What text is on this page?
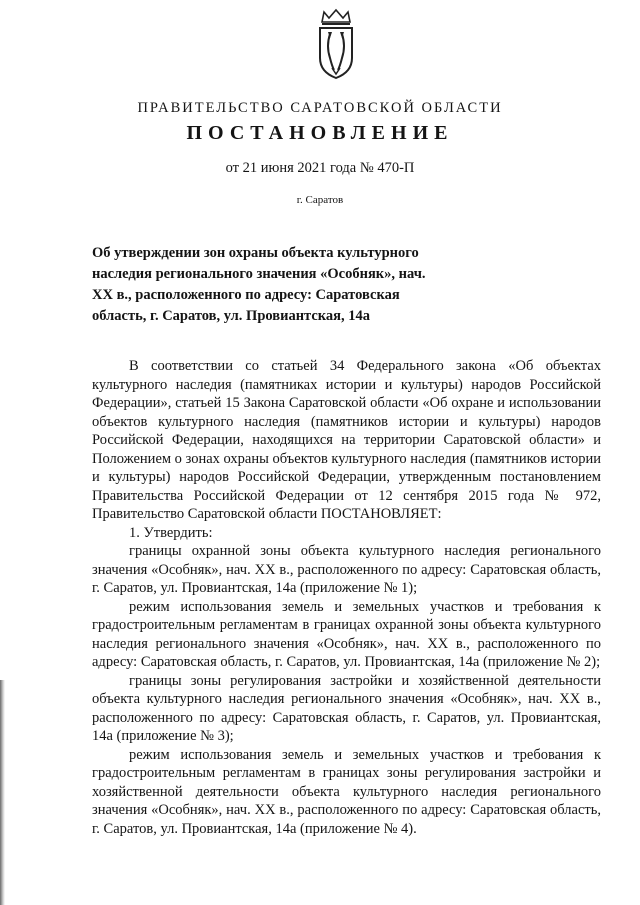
ПРАВИТЕЛЬСТВО САРАТОВСКОЙ ОБЛАСТИ
ПОСТАНОВЛЕНИЕ
от 21 июня 2021 года № 470-П
г. Саратов
Об утверждении зон охраны объекта культурного наследия регионального значения «Особняк», нач. XX в., расположенного по адресу: Саратовская область, г. Саратов, ул. Провиантская, 14а

В соответствии со статьей 34 Федерального закона «Об объектах культурного наследия (памятниках истории и культуры) народов Российской Федерации», статьей 15 Закона Саратовской области «Об охране и использовании объектов культурного наследия (памятников истории и культуры) народов Российской Федерации, находящихся на территории Саратовской области» и Положением о зонах охраны объектов культурного наследия (памятников истории и культуры) народов Российской Федерации, утвержденным постановлением Правительства Российской Федерации от 12 сентября 2015 года № 972, Правительство Саратовской области ПОСТАНОВЛЯЕТ:

1. Утвердить:

границы охранной зоны объекта культурного наследия регионального значения «Особняк», нач. XX в., расположенного по адресу: Саратовская область, г. Саратов, ул. Провиантская, 14а (приложение № 1);

режим использования земель и земельных участков и требования к градостроительным регламентам в границах охранной зоны объекта культурного наследия регионального значения «Особняк», нач. XX в., расположенного по адресу: Саратовская область, г. Саратов, ул. Провиантская, 14а (приложение № 2);

границы зоны регулирования застройки и хозяйственной деятельности объекта культурного наследия регионального значения «Особняк», нач. XX в., расположенного по адресу: Саратовская область, г. Саратов, ул. Провиантская, 14а (приложение № 3);

режим использования земель и земельных участков и требования к градостроительным регламентам в границах зоны регулирования застройки и хозяйственной деятельности объекта культурного наследия регионального значения «Особняк», нач. XX в., расположенного по адресу: Саратовская область, г. Саратов, ул. Провиантская, 14а (приложение № 4).
